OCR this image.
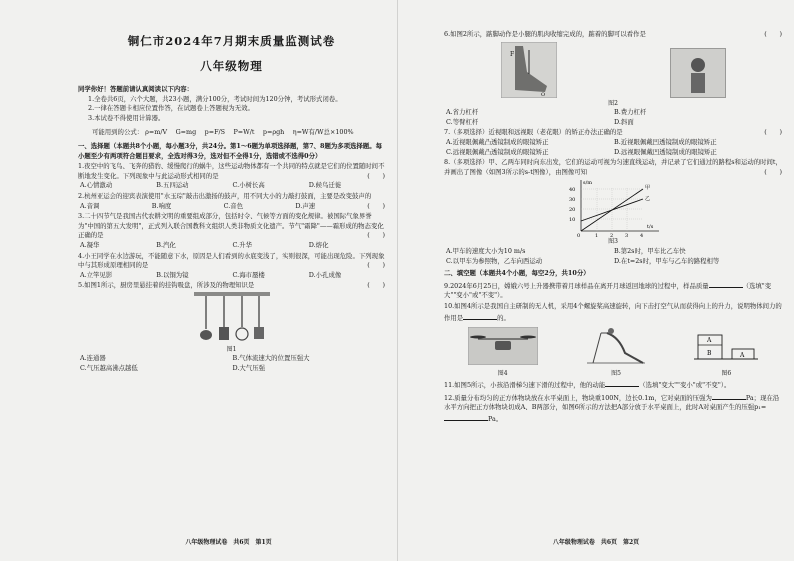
铜仁市2024年7月期末质量监测试卷
八年级物理
同学你好！答题前请认真阅读以下内容：
1.全卷共6页，六个大题，共23小题，满分100分，考试时间为120分钟，考试形式闭卷。
2.一律在答题卡相应位置作答，在试题卷上答题视为无效。
3.本试卷不得使用计算器。
可能用到的公式： ρ=m/V　 G=mg　 p=F/S　 P=W/t　 p=ρgh　 η=W有/W总×100%
一、选择题（本题共8个小题，每小题3分，共24分。第1～6题为单项选择题，第7、8题为多项选择题。每小题至少有两项符合题目要求，全选对得3分，选对但不全得1分，选错或不选得0分）
1.夜空中的飞鸟、飞奔的猎豹、缓慢爬行的蜗牛，这些运动物体都有一个共同的特点就是它们的位置随时间不断地发生变化。下列现象中与此运动形式相同的是	(　　)
A.心情激动	B.五四运动	C.小树长高	D.候鸟迁徙
2.杭州亚运会的迎宾表演使用"水玉琮"敲击出激扬的鼓声，用不同大小的力敲打鼓面，主要是改变鼓声的
(　　)
A.音调	B.响度	C.音色	D.声速
3.二十四节气是我国古代农耕文明的重要组成部分，包括时令、气候等方面的变化规律。被国际气象界誉为"中国的第五大发明"，正式列入联合国教科文组织人类非物质文化遗产。节气"霜降"——霜形成的物态变化正确的是	(　　)
A.凝华	B.汽化	C.升华	D.熔化
4.小王同学在水边游玩，不能随意下水，原因是人们看到的水底变浅了，实则很深，可能出现危险。下列现象中与其形成原理相同的是	(　　)
A.立竿见影	B.以铜为镜	C.海市蜃楼	D.小孔成像
5.如图1所示，厨房里悬挂着的挂钩吸盘，所涉及的物理知识是	(　　)
图1
A.连通器	B.气体流速大的位置压强大
C.气压越高沸点越低	D.大气压强
八年级物理试卷　共6页　第1页
6.如图2所示，踮脚动作是小腿的肌肉收缩完成的，踮着的脚可以看作是	(　　)
F
O
图2
A.省力杠杆	B.费力杠杆
C.等臂杠杆	D.斜面
7.（多项选择）近视眼和远视眼（老花眼）的矫正办法正确的是	(　　)
A.近视眼佩戴凸透镜制成的眼镜矫正	B.近视眼佩戴凹透镜制成的眼镜矫正
C.远视眼佩戴凸透镜制成的眼镜矫正	D.远视眼佩戴凹透镜制成的眼镜矫正
8.（多项选择）甲、乙两车同时向东出发，它们的运动可视为匀速直线运动，并记录了它们通过的路程s和运动的时间t，并画出了图像（如图3所示的s-t图像），由图像可知	(　　)
s/m
t/s
40
30
20
10
0	1 2 3 4
甲
乙
图3
A.甲车的速度大小为10 m/s	B.第2s时，甲车比乙车快
C.以甲车为参照物，乙车向西运动	D.在t=2s时，甲车与乙车的路程相等
二、填空题（本题共4个小题，每空2分，共10分）
9.2024年6月25日，嫦娥六号上升器携带着月球样品在离开月球返回地球的过程中，样品质量	（选填"变大""变小"或"不变"）。
10.如图4所示是我国自主研制的无人机，采用4个螺旋桨高速旋转，向下击打空气从而获得向上的升力，说明物体间力的作用是	的。
图4	图5
A
B	A
图6
11.如图5所示，小孩沿滑梯匀速下滑的过程中，他的动能	（选填"变大""变小"或"不变"）。
12.质量分布均匀的正方体物块放在水平桌面上，物块重100N，边长0.1m，它对桌面的压强为	Pa；现在沿水平方向把正方体物块切成A、B两部分，如图6所示的方法把A部分放于水平桌面上，此时A对桌面产生的压强p₁=Pa。
八年级物理试卷　共6页　第2页
